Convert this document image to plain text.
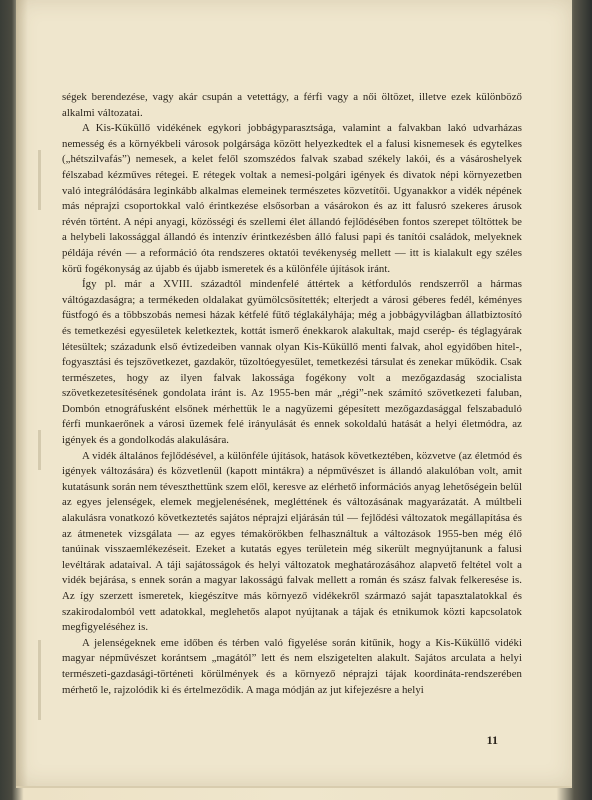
ségek berendezése, vagy akár csupán a vetettágy, a férfi vagy a női öltözet, illetve ezek különböző alkalmi változatai.

A Kis-Küküllő vidékének egykori jobbágyparasztsága, valamint a falvakban lakó udvarházas nemesség és a környékbeli városok polgársága között helyezkedtek el a falusi kisnemesek és egytelkes („hétszilvafás”) nemesek, a kelet felől szomszédos falvak szabad székely lakói, és a vásároshelyek félszabad kézműves rétegei. E rétegek voltak a nemesi-polgári igények és divatok népi környezetben való integrálódására leginkább alkalmas elemeinek természetes közvetítői. Ugyanakkor a vidék népének más néprajzi csoportokkal való érintkezése elsősorban a vásárokon és az itt falusró szekeres árusok révén történt. A népi anyagi, közösségi és szellemi élet állandó fejlődésében fontos szerepet töltöttek be a helybeli lakossággal állandó és intenzív érintkezésben álló falusi papi és tanítói családok, melyeknek példája révén — a reformáció óta rendszeres oktatói tevékenység mellett — itt is kialakult egy széles körű fogékonyság az újabb és újabb ismeretek és a különféle újítások iránt.

Így pl. már a XVIII. századtól mindenfelé áttértek a kétfordulós rendszerről a hármas váltógazdaságra; a termékeden oldalakat gyümölcsösítették; elterjedt a városi géberes fedél, kéményes füstfogó és a többszobás nemesi házak kétfelé fűtő téglakályhája; még a jobbágyvilágban állatbiztosító és temetkezési egyesületek keletkeztek, kottát ismerő énekkarok alakultak, majd cserép- és téglagyárak létesültek; századunk első évtizedeiben vannak olyan Kis-Küküllő menti falvak, ahol egyidőben hitel-, fogyasztási és tejszövetkezet, gazdakör, tűzoltóegyesület, temetkezési társulat és zenekar működik. Csak természetes, hogy az ilyen falvak lakossága fogékony volt a mezőgazdaság szocialista szövetkezetesítésének gondolata iránt is. Az 1955-ben már „régi”-nek számító szövetkezeti faluban, Dombón etnográfusként elsőnek mérhettük le a nagyüzemi gépesített mezőgazdasággal felszabaduló férfi munkaerőnek a városi üzemek felé irányulását és ennek sokoldalú hatását a helyi életmódra, az igények és a gondolkodás alakulására.

A vidék általános fejlődésével, a különféle újítások, hatások következtében, közvetve (az életmód és igények változására) és közvetlenül (kapott mintákra) a népművészet is állandó alakulóban volt, amit kutatásunk során nem téveszthettünk szem elől, keresve az elérhető információs anyag lehetőségein belül az egyes jelenségek, elemek megjelenésének, megléttének és változásának magyarázatát. A múltbeli alakulásra vonatkozó következtetés sajátos néprajzi eljárásán túl — fejlődési változatok megállapítása és az átmenetek vizsgálata — az egyes témakörökben felhasználtuk a változások 1955-ben még élő tanúinak visszaemlékezéseit. Ezeket a kutatás egyes területein még sikerült megnyújtanunk a falusi levéltárak adataival. A táji sajátosságok és helyi változatok meghatározásához alapvető feltétel volt a vidék bejárása, s ennek során a magyar lakosságú falvak mellett a román és szász falvak felkeresése is. Az így szerzett ismeretek, kiegészítve más környező vidékekről származó saját tapasztalatokkal és szakirodalomból vett adatokkal, meglehetős alapot nyújtanak a tájak és etnikumok közti kapcsolatok megfigyeléséhez is.

A jelenségeknek eme időben és térben való figyelése során kitűnik, hogy a Kis-Küküllő vidéki magyar népművészet korántsem „magától” lett és nem elszigetelten alakult. Sajátos arculata a helyi természeti-gazdasági-történeti körülmények és a környező néprajzi tájak koordináta-rendszerében mérhető le, rajzolódik ki és értelmeződik. A maga módján az jut kifejezésre a helyi

11
